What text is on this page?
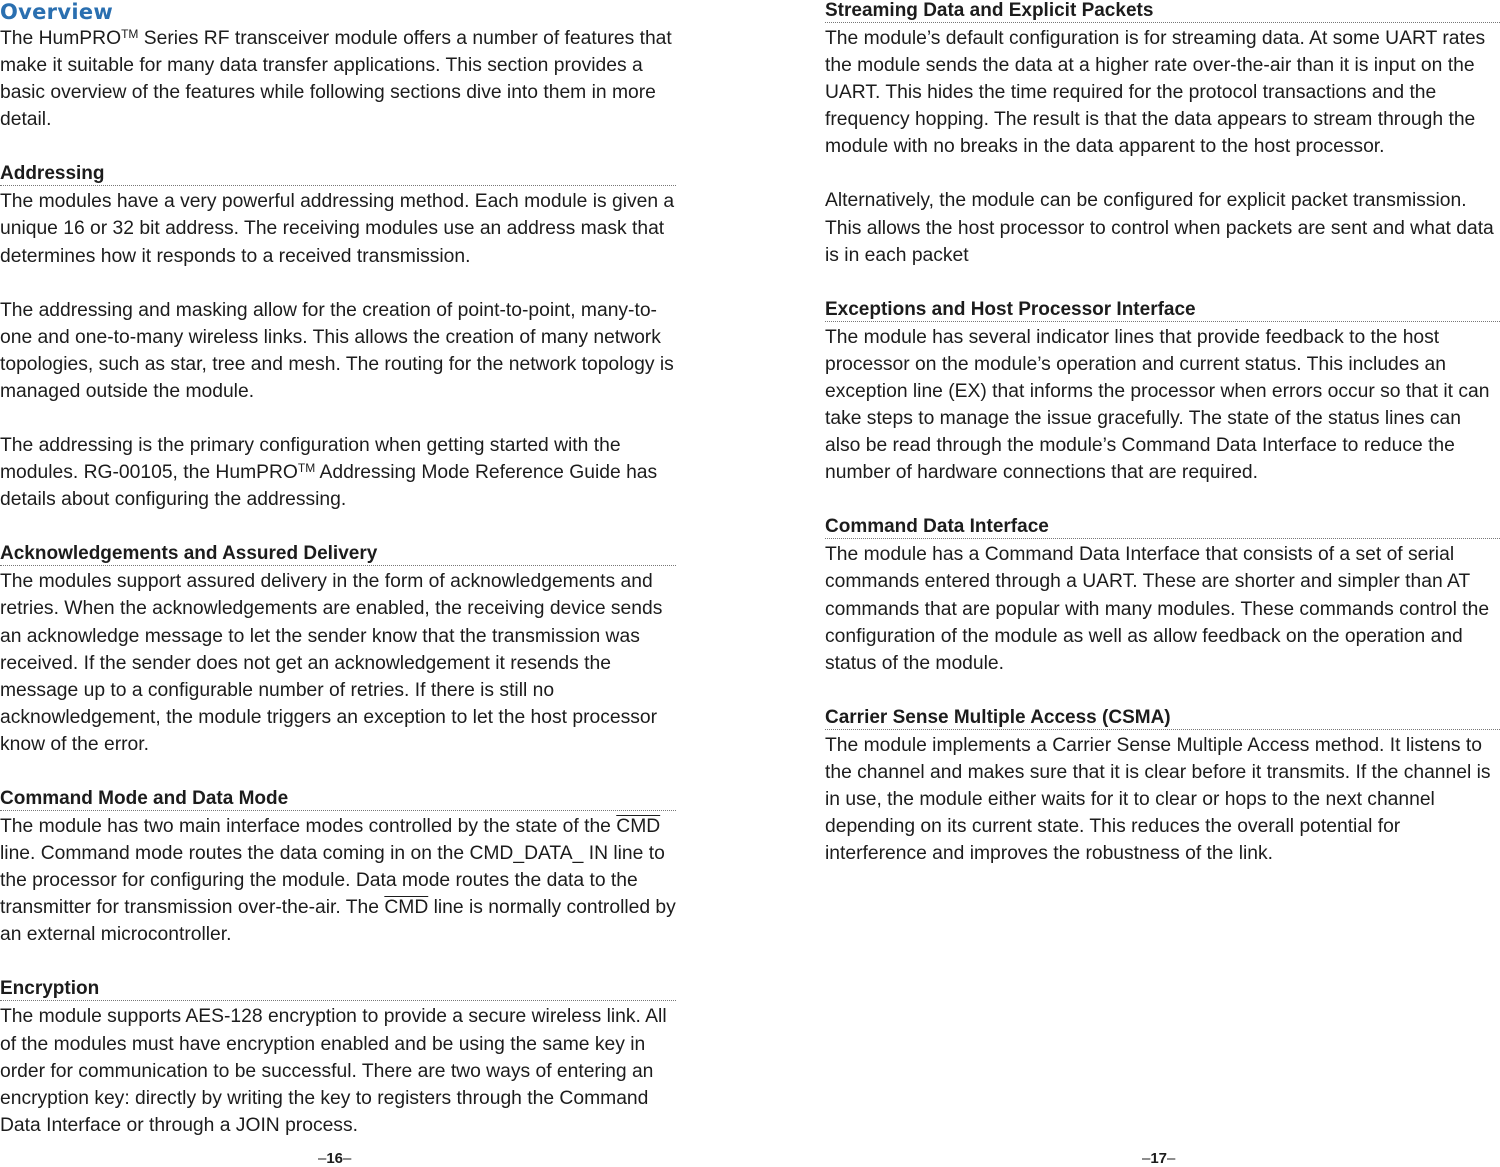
Overview

The HumPRO™ Series RF transceiver module offers a number of features that make it suitable for many data transfer applications. This section provides a basic overview of the features while following sections dive into them in more detail.

Addressing

The modules have a very powerful addressing method. Each module is given a unique 16 or 32 bit address. The receiving modules use an address mask that determines how it responds to a received transmission.

The addressing and masking allow for the creation of point-to-point, many-to-one and one-to-many wireless links. This allows the creation of many network topologies, such as star, tree and mesh. The routing for the network topology is managed outside the module.

The addressing is the primary configuration when getting started with the modules. RG-00105, the HumPRO™ Addressing Mode Reference Guide has details about configuring the addressing.

Acknowledgements and Assured Delivery

The modules support assured delivery in the form of acknowledgements and retries. When the acknowledgements are enabled, the receiving device sends an acknowledge message to let the sender know that the transmission was received. If the sender does not get an acknowledgement it resends the message up to a configurable number of retries. If there is still no acknowledgement, the module triggers an exception to let the host processor know of the error.

Command Mode and Data Mode

The module has two main interface modes controlled by the state of the $\overline{CMD}$ line. Command mode routes the data coming in on the CMD_DATA_ IN line to the processor for configuring the module. Data mode routes the data to the transmitter for transmission over-the-air. The $\overline{CMD}$ line is normally controlled by an external microcontroller.

Encryption

The module supports AES-128 encryption to provide a secure wireless link. All of the modules must have encryption enabled and be using the same key in order for communication to be successful. There are two ways of entering an encryption key: directly by writing the key to registers through the Command Data Interface or through a JOIN process.

–16–
Streaming Data and Explicit Packets

The module’s default configuration is for streaming data. At some UART rates the module sends the data at a higher rate over-the-air than it is input on the UART. This hides the time required for the protocol transactions and the frequency hopping. The result is that the data appears to stream through the module with no breaks in the data apparent to the host processor.

Alternatively, the module can be configured for explicit packet transmission. This allows the host processor to control when packets are sent and what data is in each packet

Exceptions and Host Processor Interface

The module has several indicator lines that provide feedback to the host processor on the module’s operation and current status. This includes an exception line (EX) that informs the processor when errors occur so that it can take steps to manage the issue gracefully. The state of the status lines can also be read through the module’s Command Data Interface to reduce the number of hardware connections that are required.

Command Data Interface

The module has a Command Data Interface that consists of a set of serial commands entered through a UART. These are shorter and simpler than AT commands that are popular with many modules. These commands control the configuration of the module as well as allow feedback on the operation and status of the module.

Carrier Sense Multiple Access (CSMA)

The module implements a Carrier Sense Multiple Access method. It listens to the channel and makes sure that it is clear before it transmits. If the channel is in use, the module either waits for it to clear or hops to the next channel depending on its current state. This reduces the overall potential for interference and improves the robustness of the link.

–17–
